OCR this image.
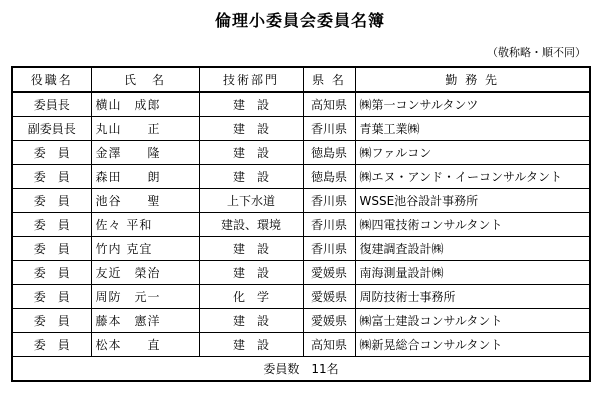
倫理小委員会委員名簿
（敬称略・順不同）
役職名	氏　名	技術部門	県 名	勤 務 先
委員長	横山　成郎	建　設	高知県	㈱第一コンサルタンツ
副委員長	丸山　　正	建　設	香川県	青葉工業㈱
委　員	金澤　　隆	建　設	徳島県	㈱ファルコン
委　員	森田　　朗	建　設	徳島県	㈱エヌ・アンド・イーコンサルタント
委　員	池谷　　聖	上下水道	香川県	WSSE池谷設計事務所
委　員	佐々 平和	建設、環境	香川県	㈱四電技術コンサルタント
委　員	竹内 克宜	建　設	香川県	復建調査設計㈱
委　員	友近　榮治	建　設	愛媛県	南海測量設計㈱
委　員	周防　元一	化　学	愛媛県	周防技術士事務所
委　員	藤本　憲洋	建　設	愛媛県	㈱富士建設コンサルタント
委　員	松本　　直	建　設	高知県	㈱新晃総合コンサルタント
委員数　11名				
